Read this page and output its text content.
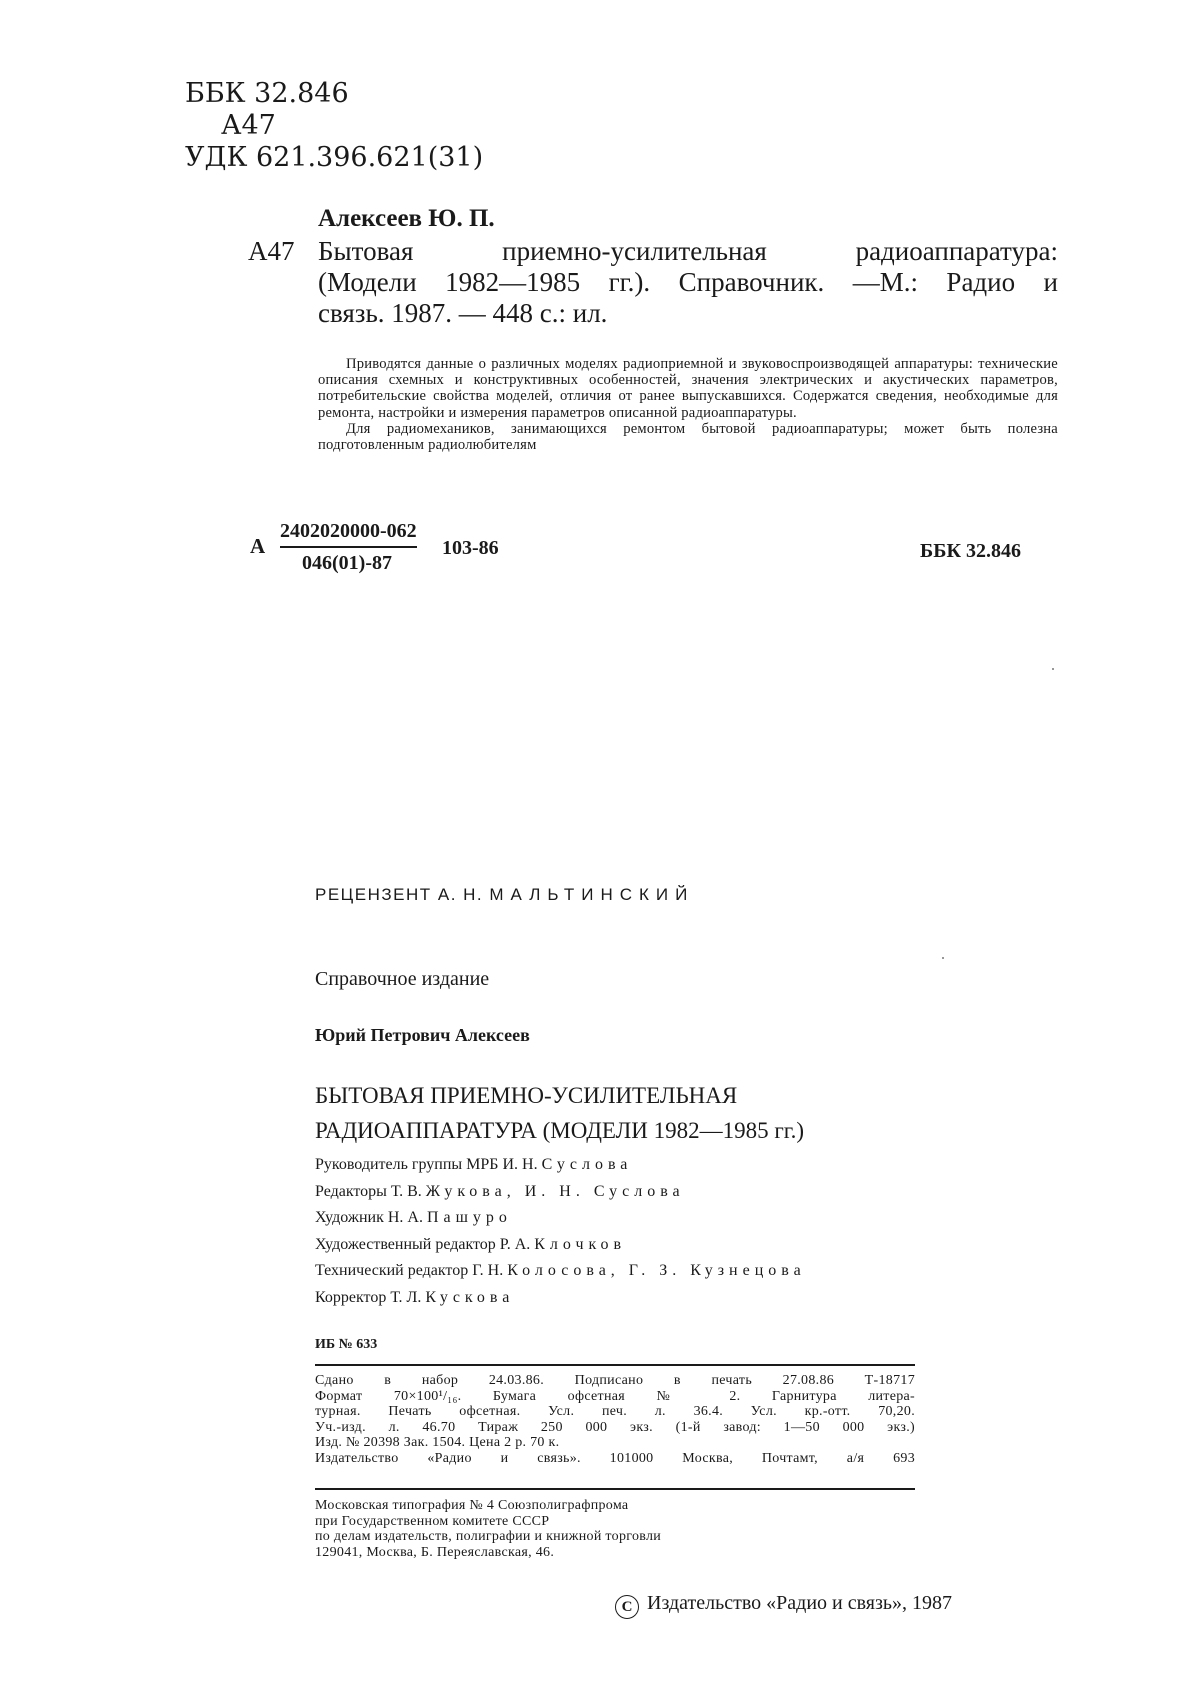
ББК 32.846
А47
УДК 621.396.621(31)
Алексеев Ю. П.
А47 Бытовая	приемно-усилительная	радиоаппаратура:
(Модели 1982—1985 гг.). Справочник. —М.: Радио и
связь. 1987. — 448 с.: ил.

Приводятся данные о различных моделях радиоприемной и звуковоспроизводящей аппаратуры: технические описания схемных и конструктивных особенностей, значения электрических и акустических параметров, потребительские свойства моделей, отличия от ранее выпускавшихся. Содержатся сведения, необходимые для ремонта, настройки и измерения параметров описанной радиоаппаратуры.

Для радиомехаников, занимающихся ремонтом бытовой радиоаппаратуры; может быть полезна подготовленным радиолюбителям

А $\frac{2402020000-062}{046(01)-87} 103-86$	ББК 32.846
РЕЦЕНЗЕНТ А. Н. МАЛЬТИНСКИЙ
Справочное издание
Юрий Петрович Алексеев
БЫТОВАЯ ПРИЕМНО-УСИЛИТЕЛЬНАЯ
РАДИОАППАРАТУРА (МОДЕЛИ 1982—1985 гг.)
Руководитель группы МРБ И. Н. Суслова
Редакторы Т. В. Жукова, И. Н. Суслова
Художник Н. А. Пашуро
Художественный редактор Р. А. Клочков
Технический редактор Г. Н. Колосова, Г. З. Кузнецова
Корректор Т. Л. Кускова
ИБ № 633
Сдано в набор 24.03.86. Подписано в печать 27.08.86 Т-18717
Формат 70×100¹/₁₆. Бумага офсетная № 2. Гарнитура литера-
турная. Печать офсетная. Усл. печ. л. 36.4. Усл. кр.-отт. 70,20.
Уч.-изд. л. 46.70 Тираж 250 000 экз. (1-й завод: 1—50 000 экз.)
Изд. № 20398 Зак. 1504. Цена 2 р. 70 к.
Издательство «Радио и связь». 101000 Москва, Почтамт, а/я 693
Московская типография № 4 Союзполиграфпрома
при Государственном комитете СССР
по делам издательств, полиграфии и книжной торговли
129041, Москва, Б. Переяславская, 46.
C Издательство «Радио и связь», 1987
